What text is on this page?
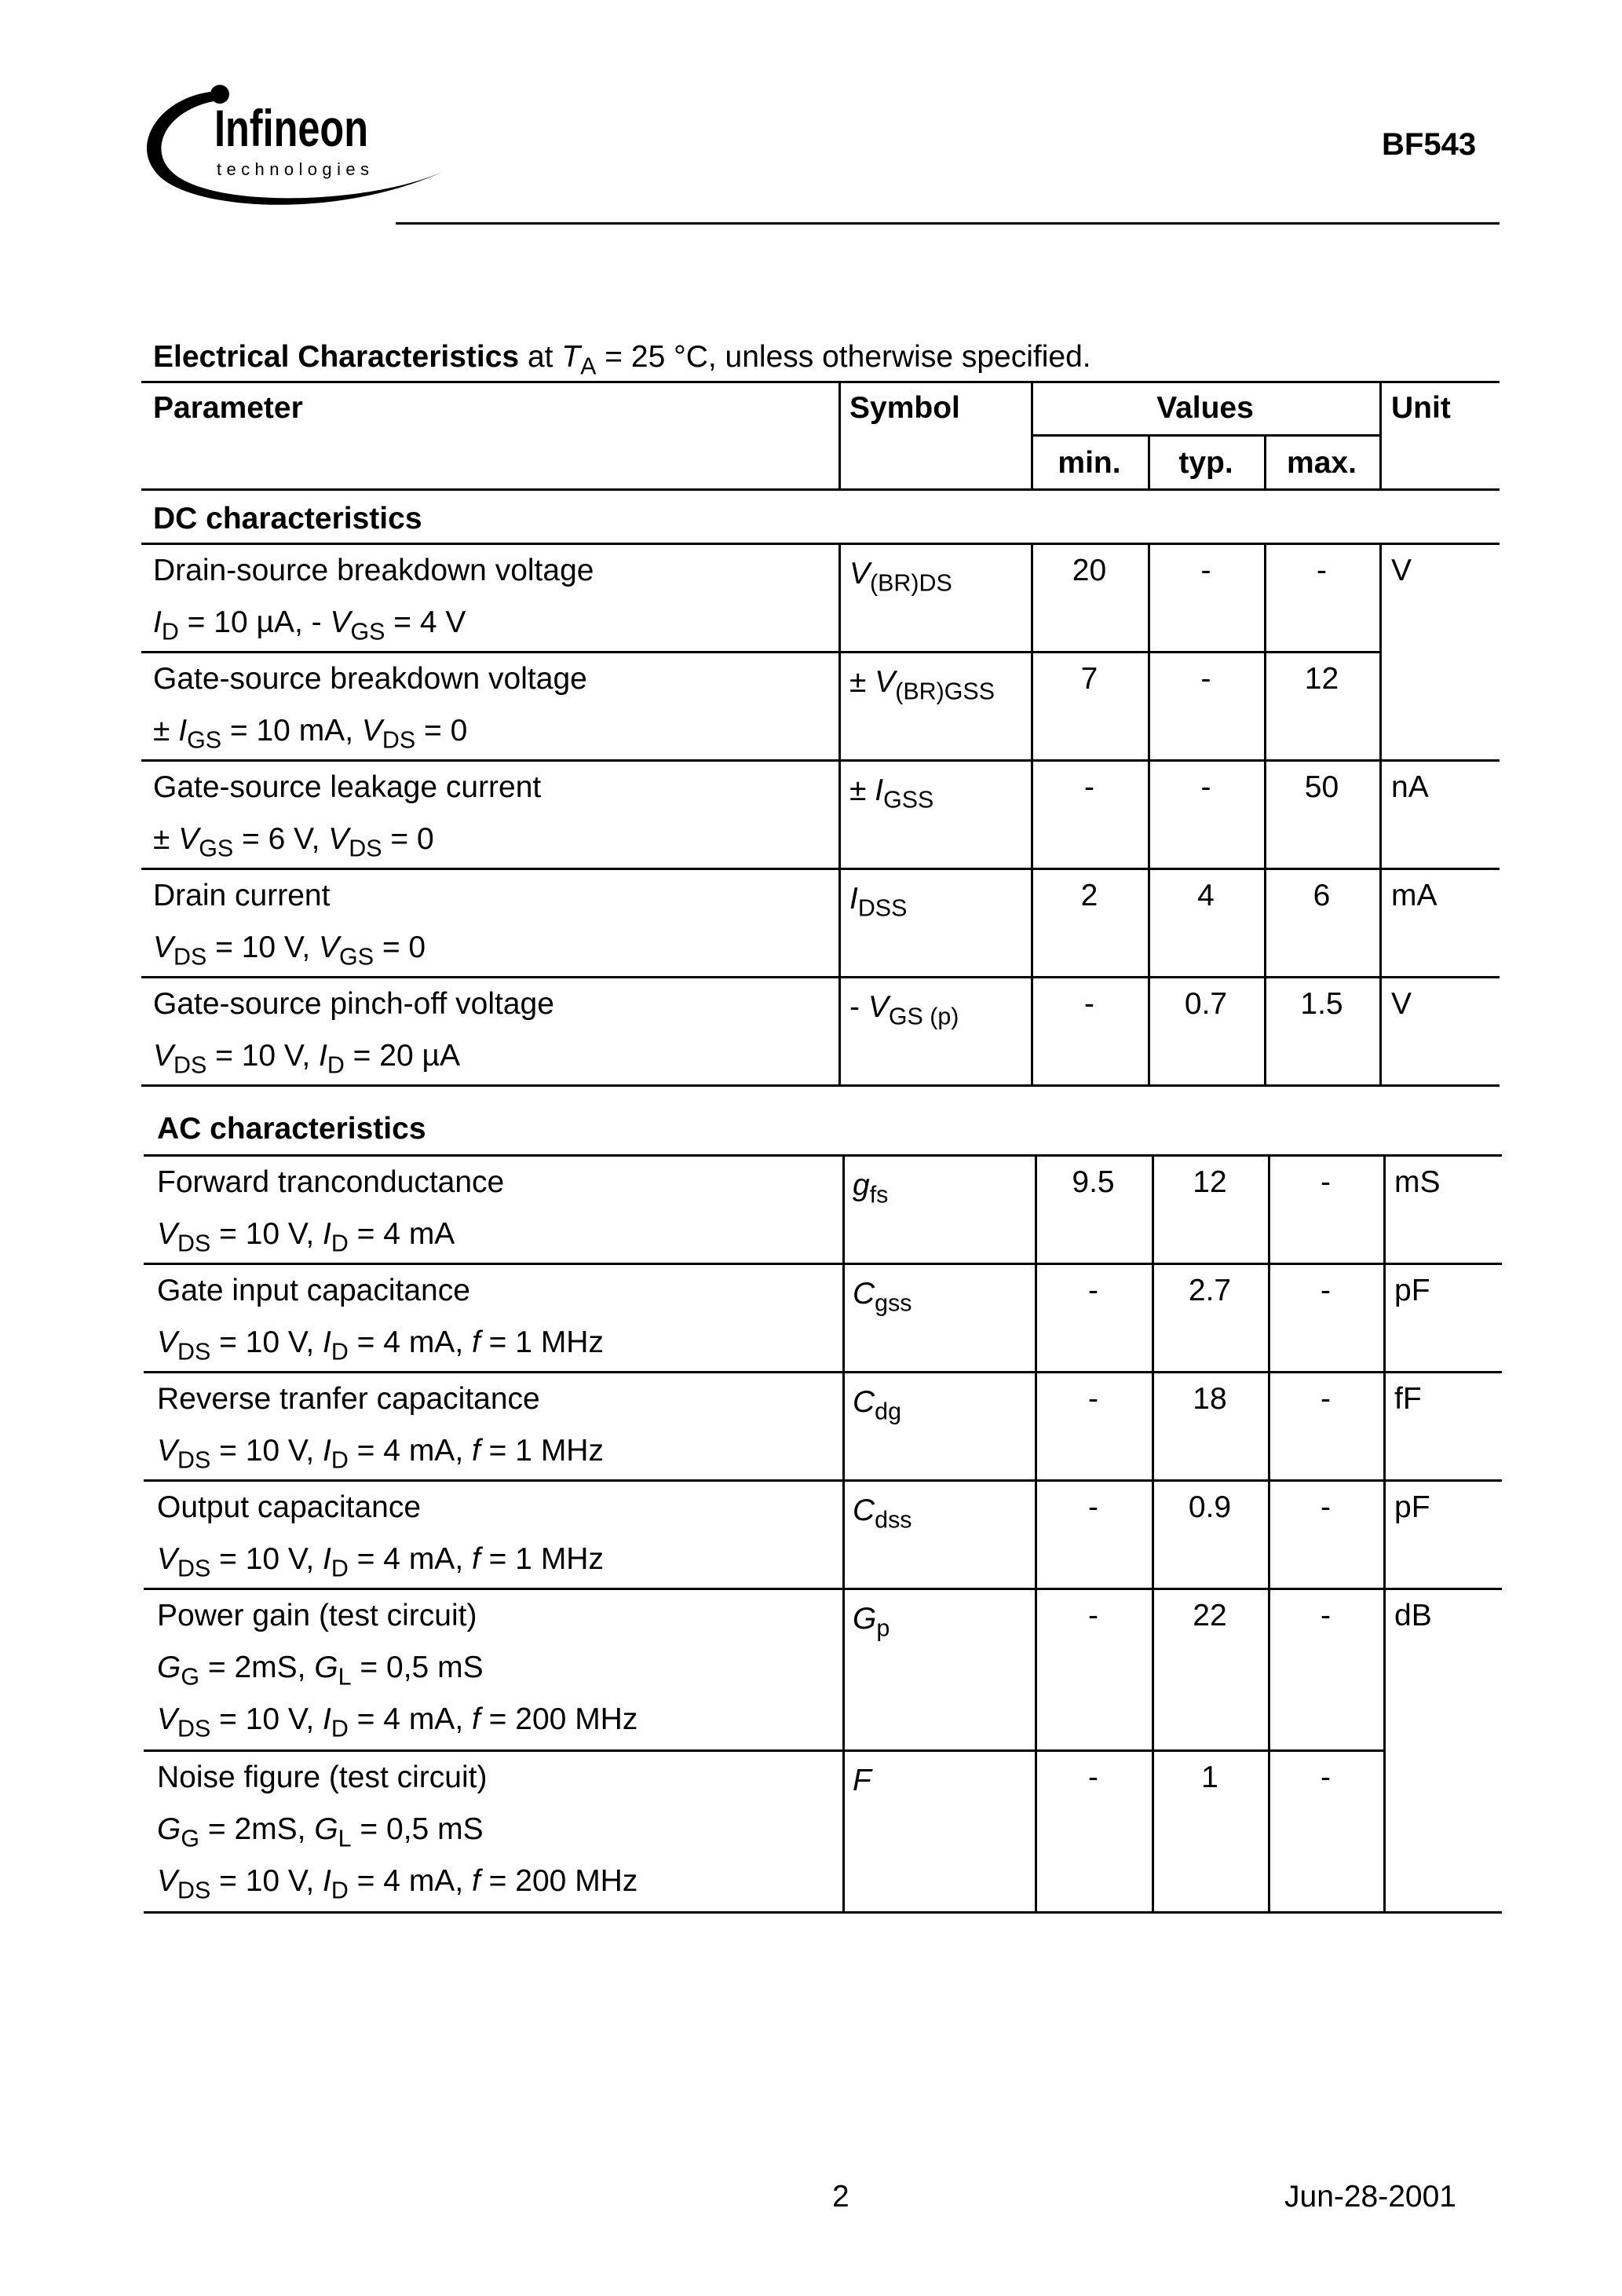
Infineon
technologies
BF543
Electrical Characteristics at $T_A = 25$ °C, unless otherwise specified.
Parameter	Symbol	Values	Unit
min.	typ.	max.
DC characteristics
Drain-source breakdown voltage
$I_D = 10$ µA, - $V_{GS} = 4$ V
$V_{(BR)DS}$	20	-	-	V
Gate-source breakdown voltage
± $I_{GS} = 10$ mA, $V_{DS} = 0$
± $V_{(BR)GSS}$	7	-	12
Gate-source leakage current
± $V_{GS} = 6$ V, $V_{DS} = 0$
± $I_{GSS}$	-	-	50	nA
Drain current
$V_{DS} = 10$ V, $V_{GS} = 0$
$I_{DSS}$	2	4	6	mA
Gate-source pinch-off voltage
$V_{DS} = 10$ V, $I_D = 20$ µA
- $V_{GS (p)}$	-	0.7	1.5	V
AC characteristics
Forward tranconductance
$V_{DS} = 10$ V, $I_D = 4$ mA
$g_{fs}$	9.5	12	-	mS
Gate input capacitance
$V_{DS} = 10$ V, $I_D = 4$ mA, f = 1 MHz
$C_{gss}$	-	2.7	-	pF
Reverse tranfer capacitance
$V_{DS} = 10$ V, $I_D = 4$ mA, f = 1 MHz
$C_{dg}$	-	18	-	fF
Output capacitance
$V_{DS} = 10$ V, $I_D = 4$ mA, f = 1 MHz
$C_{dss}$	-	0.9	-	pF
Power gain (test circuit)
$G_G = 2mS$, $G_L = 0,5$ mS
$V_{DS} = 10$ V, $I_D = 4$ mA, f = 200 MHz
$G_p$	-	22	-	dB
Noise figure (test circuit)
$G_G = 2mS$, $G_L = 0,5$ mS
$V_{DS} = 10$ V, $I_D = 4$ mA, f = 200 MHz
F	-	1	-
2	Jun-28-2001
